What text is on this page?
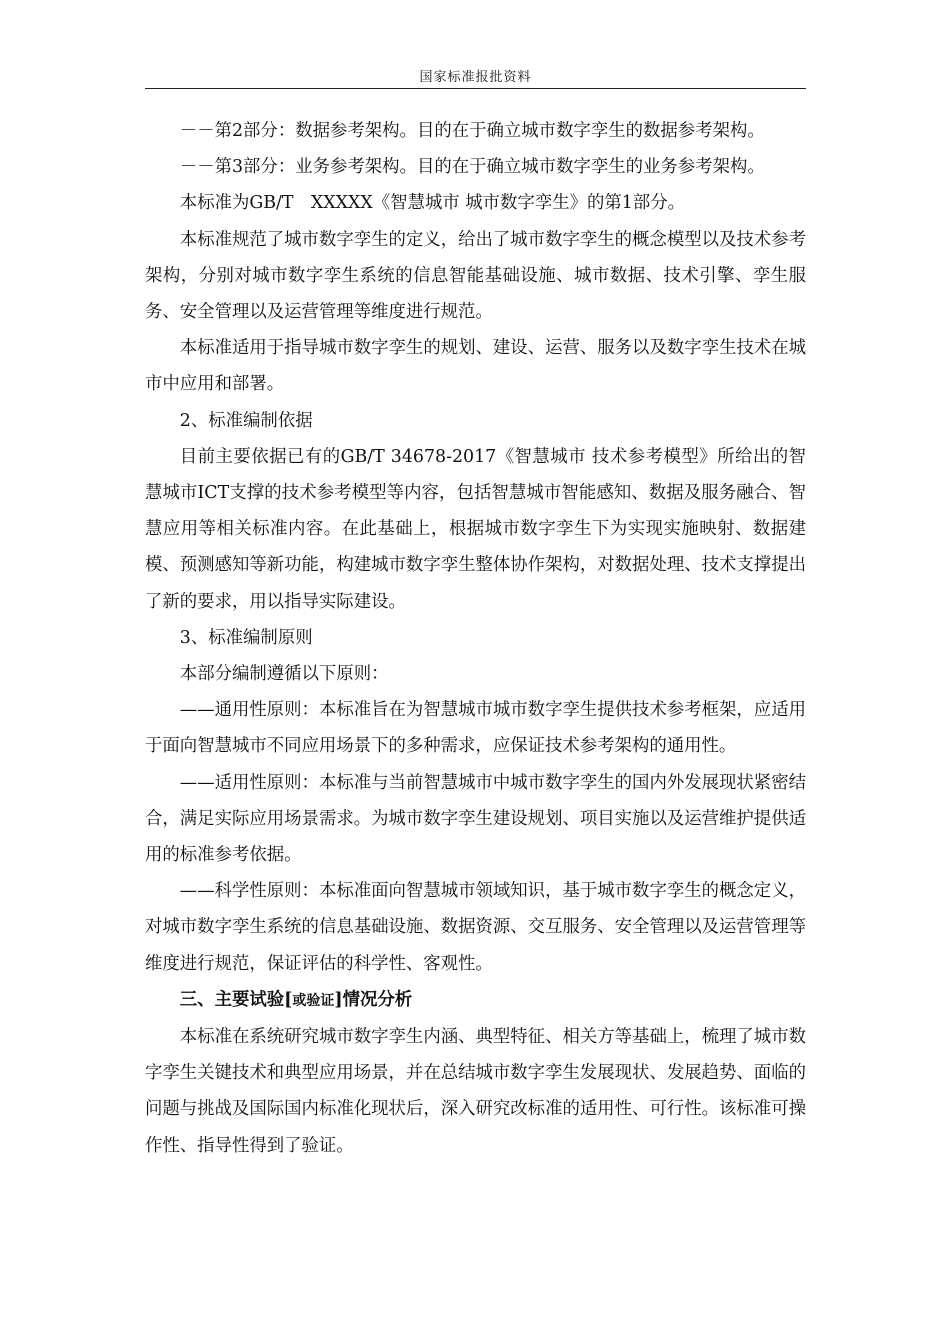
国家标准报批资料

－－第2部分：数据参考架构。目的在于确立城市数字孪生的数据参考架构。

－－第3部分：业务参考架构。目的在于确立城市数字孪生的业务参考架构。

本标准为GB/T　XXXXX《智慧城市 城市数字孪生》的第1部分。

本标准规范了城市数字孪生的定义，给出了城市数字孪生的概念模型以及技术参考架构，分别对城市数字孪生系统的信息智能基础设施、城市数据、技术引擎、孪生服务、安全管理以及运营管理等维度进行规范。

本标准适用于指导城市数字孪生的规划、建设、运营、服务以及数字孪生技术在城市中应用和部署。

2、标准编制依据

目前主要依据已有的GB/T 34678-2017《智慧城市 技术参考模型》所给出的智慧城市ICT支撑的技术参考模型等内容，包括智慧城市智能感知、数据及服务融合、智慧应用等相关标准内容。在此基础上，根据城市数字孪生下为实现实施映射、数据建模、预测感知等新功能，构建城市数字孪生整体协作架构，对数据处理、技术支撑提出了新的要求，用以指导实际建设。

3、标准编制原则

本部分编制遵循以下原则：

——通用性原则：本标准旨在为智慧城市城市数字孪生提供技术参考框架，应适用于面向智慧城市不同应用场景下的多种需求，应保证技术参考架构的通用性。

——适用性原则：本标准与当前智慧城市中城市数字孪生的国内外发展现状紧密结合，满足实际应用场景需求。为城市数字孪生建设规划、项目实施以及运营维护提供适用的标准参考依据。

——科学性原则：本标准面向智慧城市领域知识，基于城市数字孪生的概念定义，对城市数字孪生系统的信息基础设施、数据资源、交互服务、安全管理以及运营管理等维度进行规范，保证评估的科学性、客观性。

三、主要试验[或验证]情况分析

本标准在系统研究城市数字孪生内涵、典型特征、相关方等基础上，梳理了城市数字孪生关键技术和典型应用场景，并在总结城市数字孪生发展现状、发展趋势、面临的问题与挑战及国际国内标准化现状后，深入研究改标准的适用性、可行性。该标准可操作性、指导性得到了验证。
